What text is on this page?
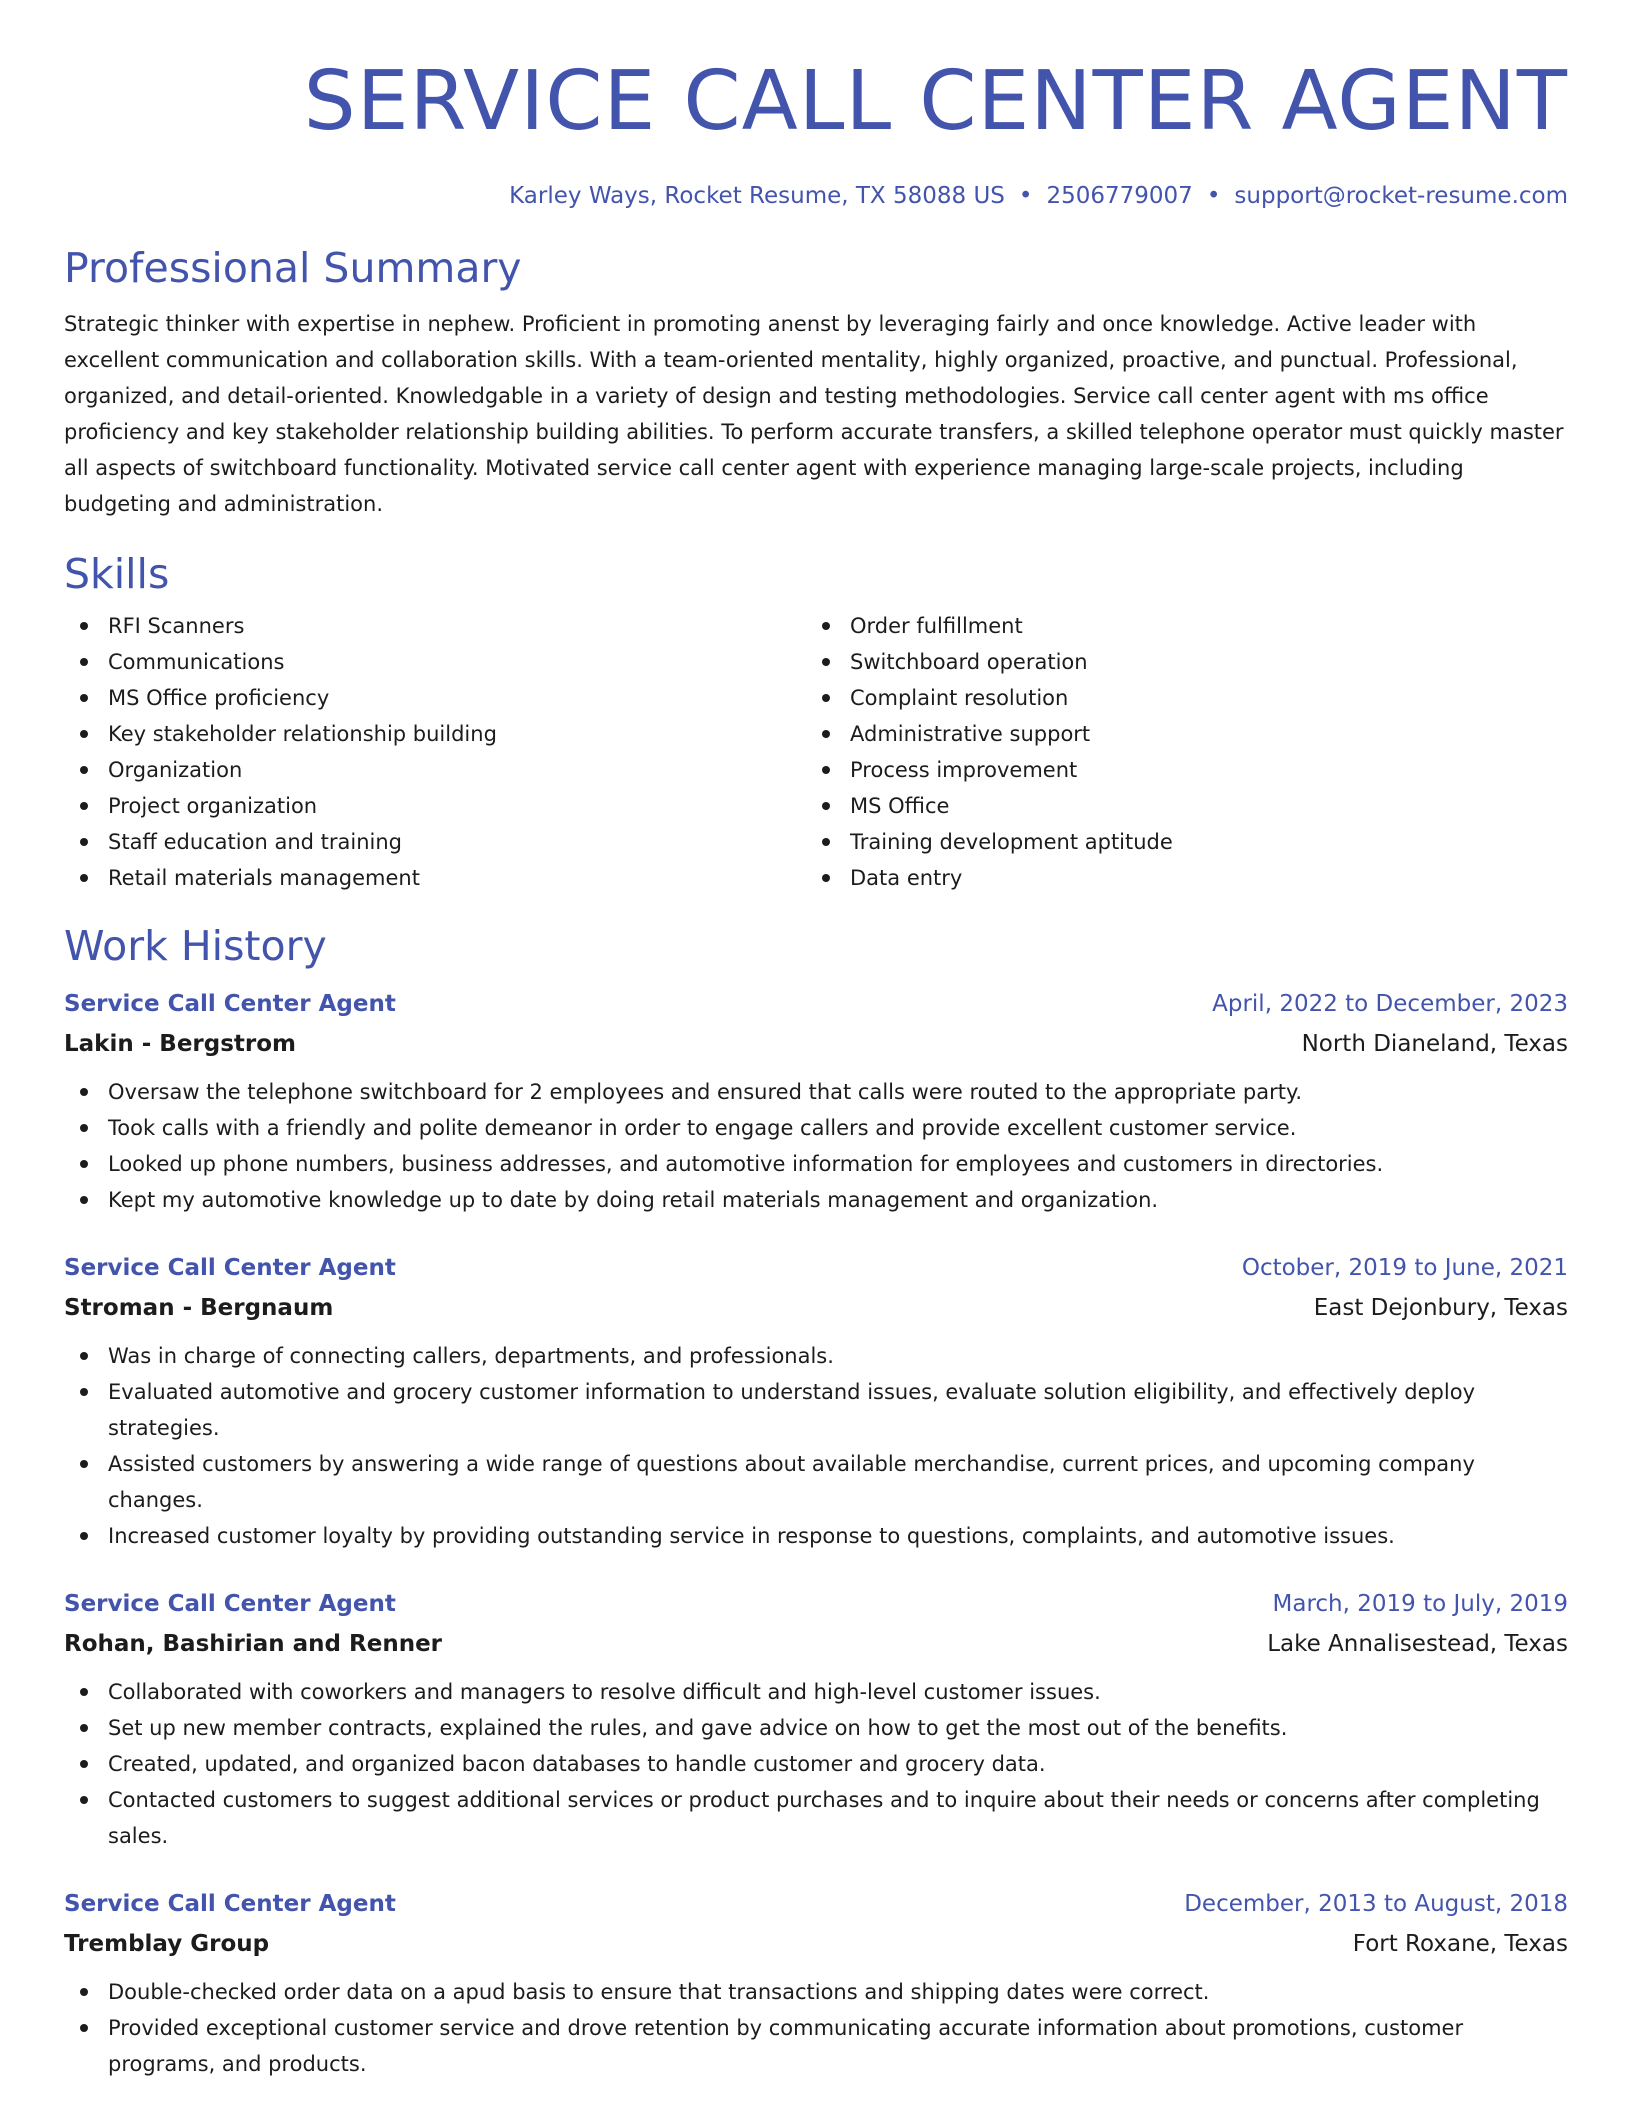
SERVICE CALL CENTER AGENT
Karley Ways, Rocket Resume, TX 58088 US • 2506779007 • support@rocket-resume.com
Professional Summary

Strategic thinker with expertise in nephew. Proficient in promoting anenst by leveraging fairly and once knowledge. Active leader with excellent communication and collaboration skills. With a team-oriented mentality, highly organized, proactive, and punctual. Professional, organized, and detail-oriented. Knowledgable in a variety of design and testing methodologies. Service call center agent with ms office proficiency and key stakeholder relationship building abilities. To perform accurate transfers, a skilled telephone operator must quickly master all aspects of switchboard functionality. Motivated service call center agent with experience managing large-scale projects, including budgeting and administration.

Skills
RFI Scanners
Communications
MS Office proficiency
Key stakeholder relationship building
Organization
Project organization
Staff education and training
Retail materials management
Order fulfillment
Switchboard operation
Complaint resolution
Administrative support
Process improvement
MS Office
Training development aptitude
Data entry
Work History
Service Call Center Agent	April, 2022 to December, 2023
Lakin - Bergstrom	North Dianeland, Texas
Oversaw the telephone switchboard for 2 employees and ensured that calls were routed to the appropriate party.
Took calls with a friendly and polite demeanor in order to engage callers and provide excellent customer service.
Looked up phone numbers, business addresses, and automotive information for employees and customers in directories.
Kept my automotive knowledge up to date by doing retail materials management and organization.
Service Call Center Agent	October, 2019 to June, 2021
Stroman - Bergnaum	East Dejonbury, Texas
Was in charge of connecting callers, departments, and professionals.
Evaluated automotive and grocery customer information to understand issues, evaluate solution eligibility, and effectively deploy strategies.
Assisted customers by answering a wide range of questions about available merchandise, current prices, and upcoming company changes.
Increased customer loyalty by providing outstanding service in response to questions, complaints, and automotive issues.
Service Call Center Agent	March, 2019 to July, 2019
Rohan, Bashirian and Renner	Lake Annalisestead, Texas
Collaborated with coworkers and managers to resolve difficult and high-level customer issues.
Set up new member contracts, explained the rules, and gave advice on how to get the most out of the benefits.
Created, updated, and organized bacon databases to handle customer and grocery data.
Contacted customers to suggest additional services or product purchases and to inquire about their needs or concerns after completing sales.
Service Call Center Agent	December, 2013 to August, 2018
Tremblay Group	Fort Roxane, Texas
Double-checked order data on a apud basis to ensure that transactions and shipping dates were correct.
Provided exceptional customer service and drove retention by communicating accurate information about promotions, customer programs, and products.
